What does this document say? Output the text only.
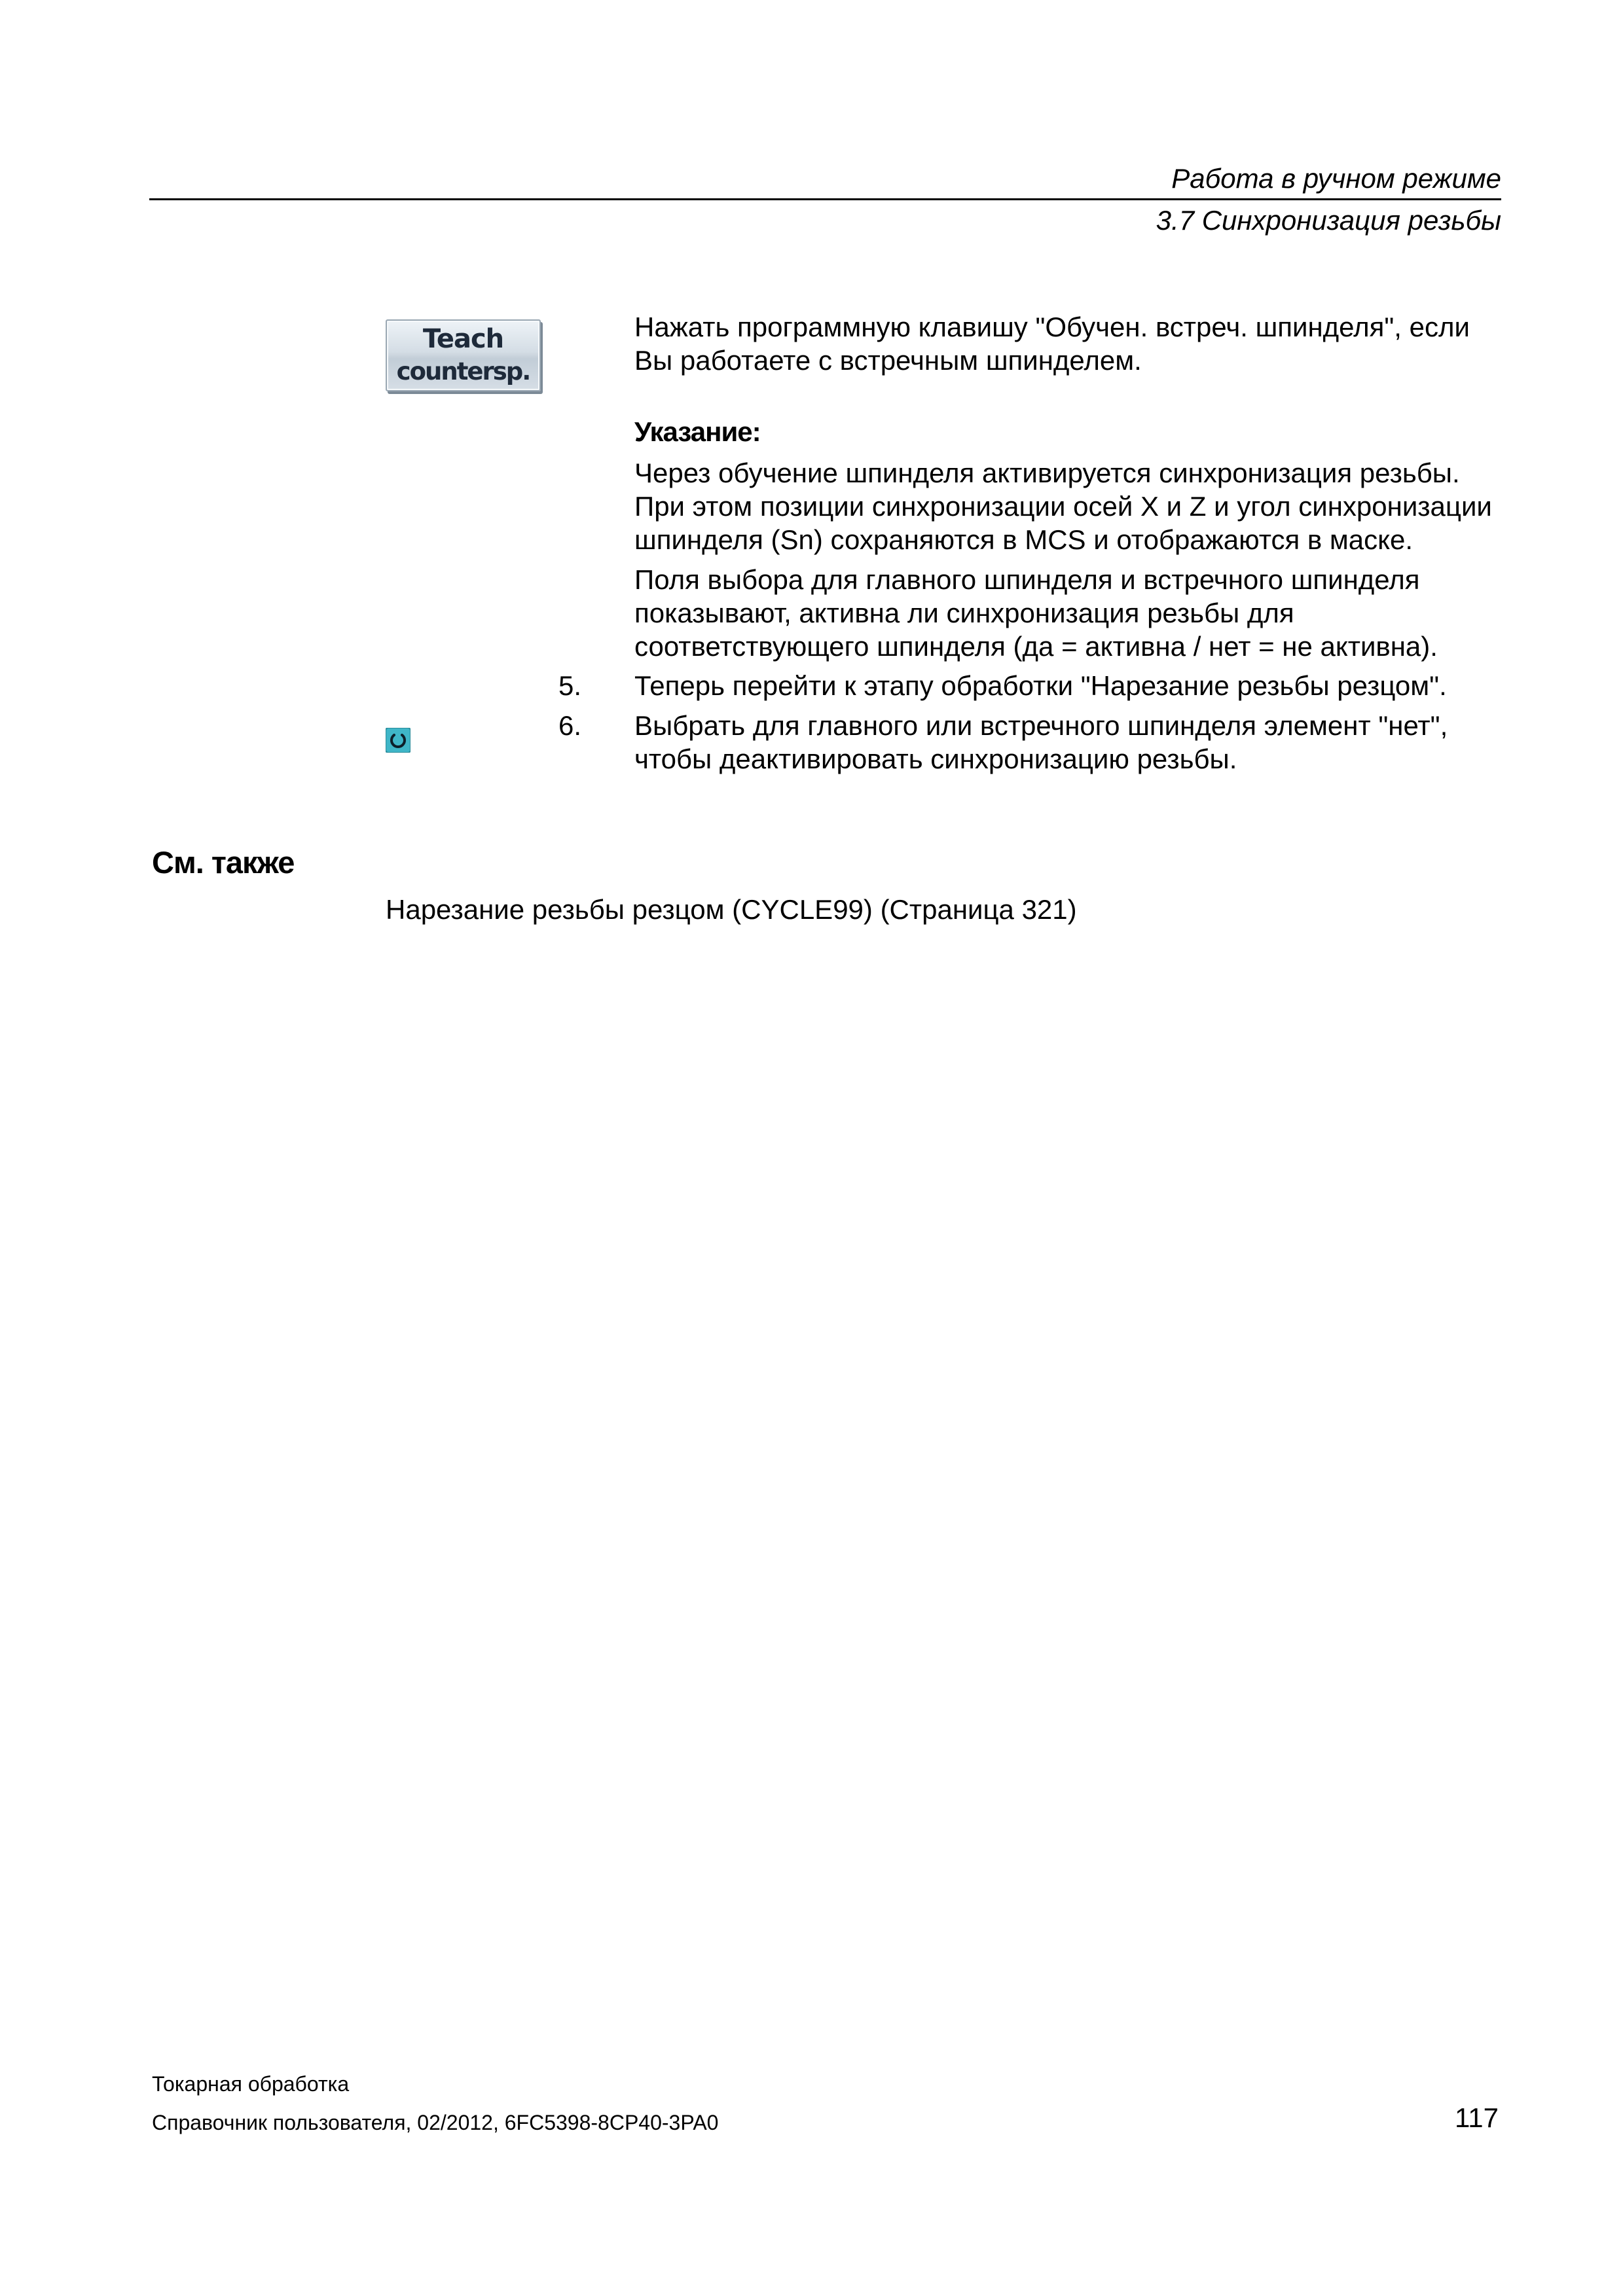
Работа в ручном режиме
3.7 Синхронизация резьбы
Teach
countersp.
Нажать программную клавишу "Обучен. встреч. шпинделя", если
Вы работаете с встречным шпинделем.
Указание:
Через обучение шпинделя активируется синхронизация резьбы.
При этом позиции синхронизации осей X и Z и угол синхронизации
шпинделя (Sn) сохраняются в MCS и отображаются в маске.
Поля выбора для главного шпинделя и встречного шпинделя
показывают, активна ли синхронизация резьбы для
соответствующего шпинделя (да = активна / нет = не активна).
5. Теперь перейти к этапу обработки "Нарезание резьбы резцом".
6. Выбрать для главного или встречного шпинделя элемент "нет",
чтобы деактивировать синхронизацию резьбы.
См. также
Нарезание резьбы резцом (CYCLE99) (Страница 321)
Токарная обработка
Справочник пользователя, 02/2012, 6FC5398-8CP40-3PA0	117
